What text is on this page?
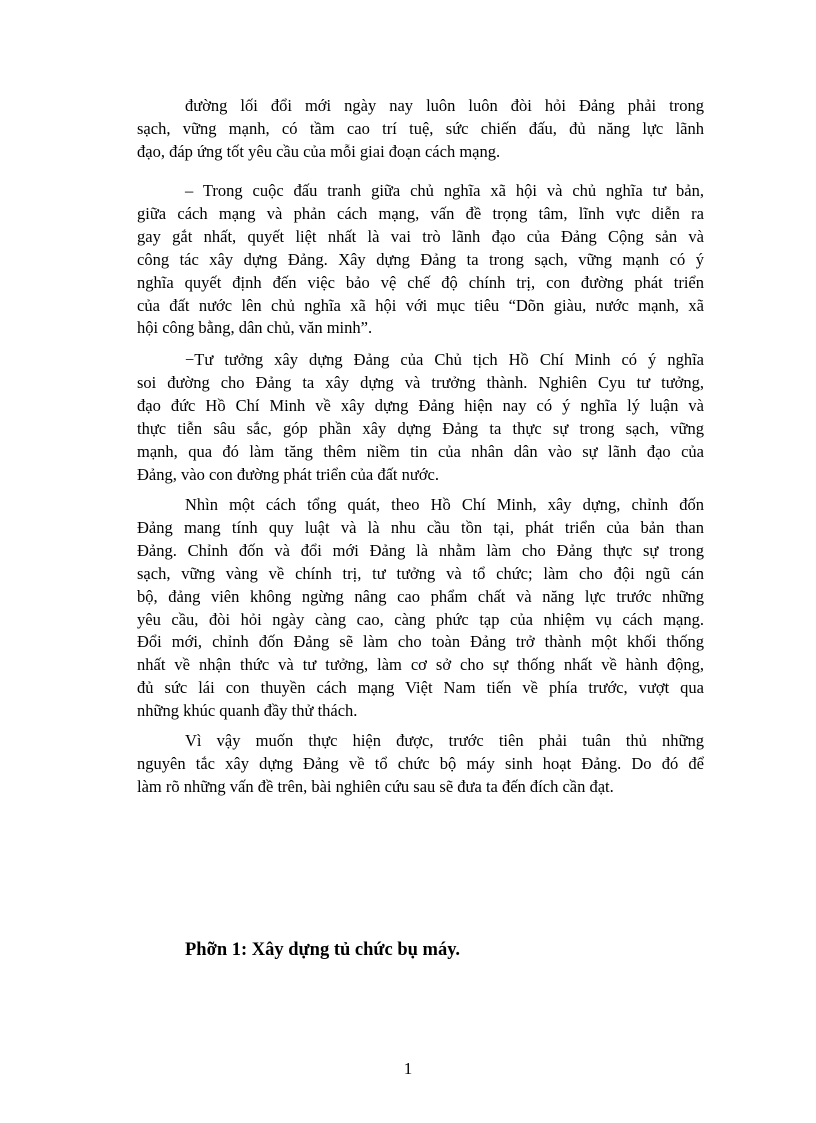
đường lối đổi mới ngày nay luôn luôn đòi hỏi Đảng phải trong
sạch, vững mạnh, có tầm cao trí tuệ, sức chiến đấu, đủ năng lực lãnh
đạo, đáp ứng tốt yêu cầu của mỗi giai đoạn cách mạng.

– Trong cuộc đấu tranh giữa chủ nghĩa xã hội và chủ nghĩa tư bản,
giữa cách mạng và phản cách mạng, vấn đề trọng tâm, lĩnh vực diễn ra
gay gắt nhất, quyết liệt nhất là vai trò lãnh đạo của Đảng Cộng sản và
công tác xây dựng Đảng. Xây dựng Đảng ta trong sạch, vững mạnh có ý
nghĩa quyết định đến việc bảo vệ chế độ chính trị, con đường phát triển
của đất nước lên chủ nghĩa xã hội với mục tiêu “Dõn giàu, nước mạnh, xã
hội công bằng, dân chủ, văn minh”.

−Tư tưởng xây dựng Đảng của Chủ tịch Hồ Chí Minh có ý nghĩa
soi đường cho Đảng ta xây dựng và trưởng thành. Nghiên Cyu tư tưởng,
đạo đức Hồ Chí Minh về xây dựng Đảng hiện nay có ý nghĩa lý luận và
thực tiễn sâu sắc, góp phần xây dựng Đảng ta thực sự trong sạch, vững
mạnh, qua đó làm tăng thêm niềm tin của nhân dân vào sự lãnh đạo của
Đảng, vào con đường phát triển của đất nước.

Nhìn một cách tổng quát, theo Hồ Chí Minh, xây dựng, chỉnh đốn
Đảng mang tính quy luật và là nhu cầu tồn tại, phát triển của bản than
Đảng. Chỉnh đốn và đổi mới Đảng là nhằm làm cho Đảng thực sự trong
sạch, vững vàng về chính trị, tư tưởng và tổ chức; làm cho đội ngũ cán
bộ, đảng viên không ngừng nâng cao phẩm chất và năng lực trước những
yêu cầu, đòi hỏi ngày càng cao, càng phức tạp của nhiệm vụ cách mạng.
Đổi mới, chỉnh đốn Đảng sẽ làm cho toàn Đảng trở thành một khối thống
nhất về nhận thức và tư tưởng, làm cơ sở cho sự thống nhất về hành động,
đủ sức lái con thuyền cách mạng Việt Nam tiến về phía trước, vượt qua
những khúc quanh đầy thử thách.

Vì vậy muốn thực hiện được, trước tiên phải tuân thủ những
nguyên tắc xây dựng Đảng về tổ chức bộ máy sinh hoạt Đảng. Do đó để
làm rõ những vấn đề trên, bài nghiên cứu sau sẽ đưa ta đến đích cần đạt.

Phỡn 1: Xây dựng tủ chức bụ máy.
1
